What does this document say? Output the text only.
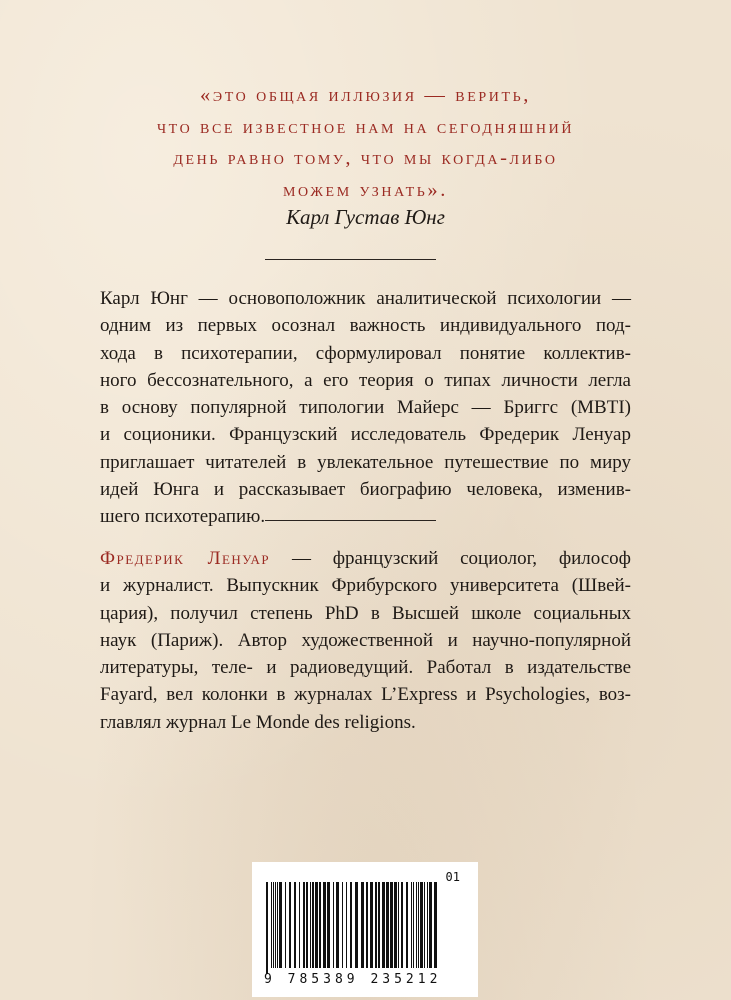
«это общая иллюзия — верить,
что все известное нам на сегодняшний
день равно тому, что мы когда-либо
можем узнать».
Карл Густав Юнг
Карл Юнг — основоположник аналитической психологии —
одним из первых осознал важность индивидуального под-
хода в психотерапии, сформулировал понятие коллектив-
ного бессознательного, а его теория о типах личности легла
в основу популярной типологии Майерс — Бриггс (MBTI)
и соционики. Французский исследователь Фредерик Ленуар
приглашает читателей в увлекательное путешествие по миру
идей Юнга и рассказывает биографию человека, изменив-
шего психотерапию.
Фредерик Ленуар — французский социолог, философ
и журналист. Выпускник Фрибурского университета (Швей-
цария), получил степень PhD в Высшей школе социальных
наук (Париж). Автор художественной и научно-популярной
литературы, теле- и радиоведущий. Работал в издательстве
Fayard, вел колонки в журналах L’Express и Psychologies, воз-
главлял журнал Le Monde des religions.
01
9 785389 235212
